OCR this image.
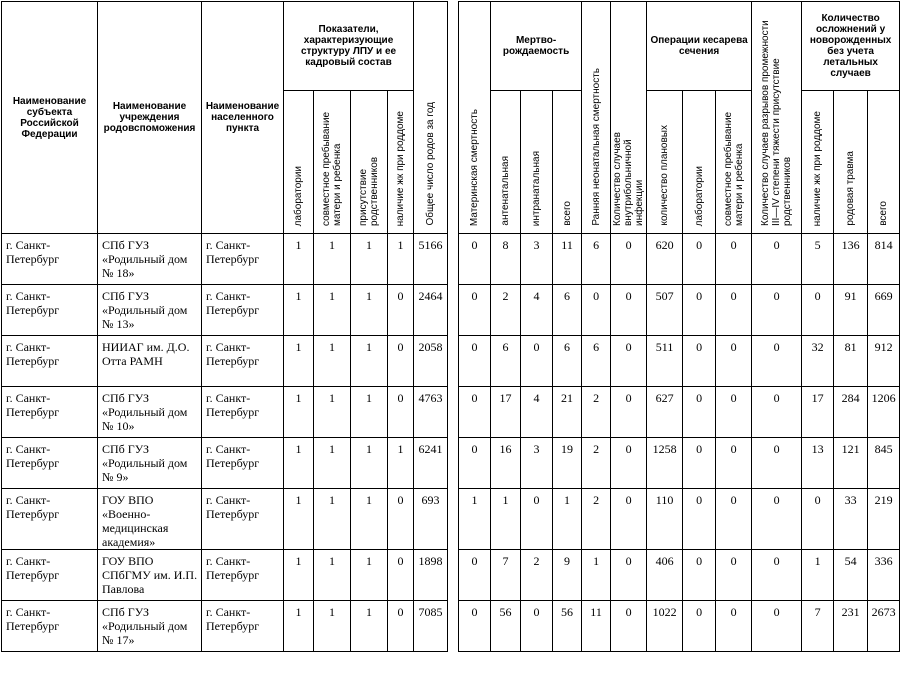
Наименование субъекта Российской Федерации	Наименование учреждения родовспоможения	Наименование населенного пункта	Показатели, характеризующие структуру ЛПУ и ее кадровый состав				Общее число родов за год		Материнская смертность	Мертво-рождаемость			Ранняя неонатальная смертность	Количество случаев внутрибольничной инфекции	Операции кесарева сечения			Количество случаев разрывов промежности III—IV степени тяжести присутствие родственников	Количество осложнений у новорожденных без учета летальных случаев		
			лаборатории	совместное пребывание матери и ребенка	присутствие родственников	наличие жк при роддоме				антенатальная	интранатальная	всего			количество плановых	лаборатории	совместное пребывание матери и ребенка		наличие жк при роддоме	родовая травма	всего
г. Санкт-Петербург	СПб ГУЗ «Родильный дом № 18»	г. Санкт-Петербург	1	1	1	1	5166		0	8	3	11	6	0	620	0	0	0	5	136	814
г. Санкт-Петербург	СПб ГУЗ «Родильный дом № 13»	г. Санкт-Петербург	1	1	1	0	2464		0	2	4	6	0	0	507	0	0	0	0	91	669
г. Санкт-Петербург	НИИАГ им. Д.О. Отта РАМН	г. Санкт-Петербург	1	1	1	0	2058		0	6	0	6	6	0	511	0	0	0	32	81	912
г. Санкт-Петербург	СПб ГУЗ «Родильный дом № 10»	г. Санкт-Петербург	1	1	1	0	4763		0	17	4	21	2	0	627	0	0	0	17	284	1206
г. Санкт-Петербург	СПб ГУЗ «Родильный дом № 9»	г. Санкт-Петербург	1	1	1	1	6241		0	16	3	19	2	0	1258	0	0	0	13	121	845
г. Санкт-Петербург	ГОУ ВПО «Военно-медицинская академия»	г. Санкт-Петербург	1	1	1	0	693		1	1	0	1	2	0	110	0	0	0	0	33	219
г. Санкт-Петербург	ГОУ ВПО СПбГМУ им. И.П. Павлова	г. Санкт-Петербург	1	1	1	0	1898		0	7	2	9	1	0	406	0	0	0	1	54	336
г. Санкт-Петербург	СПб ГУЗ «Родильный дом № 17»	г. Санкт-Петербург	1	1	1	0	7085		0	56	0	56	11	0	1022	0	0	0	7	231	2673
